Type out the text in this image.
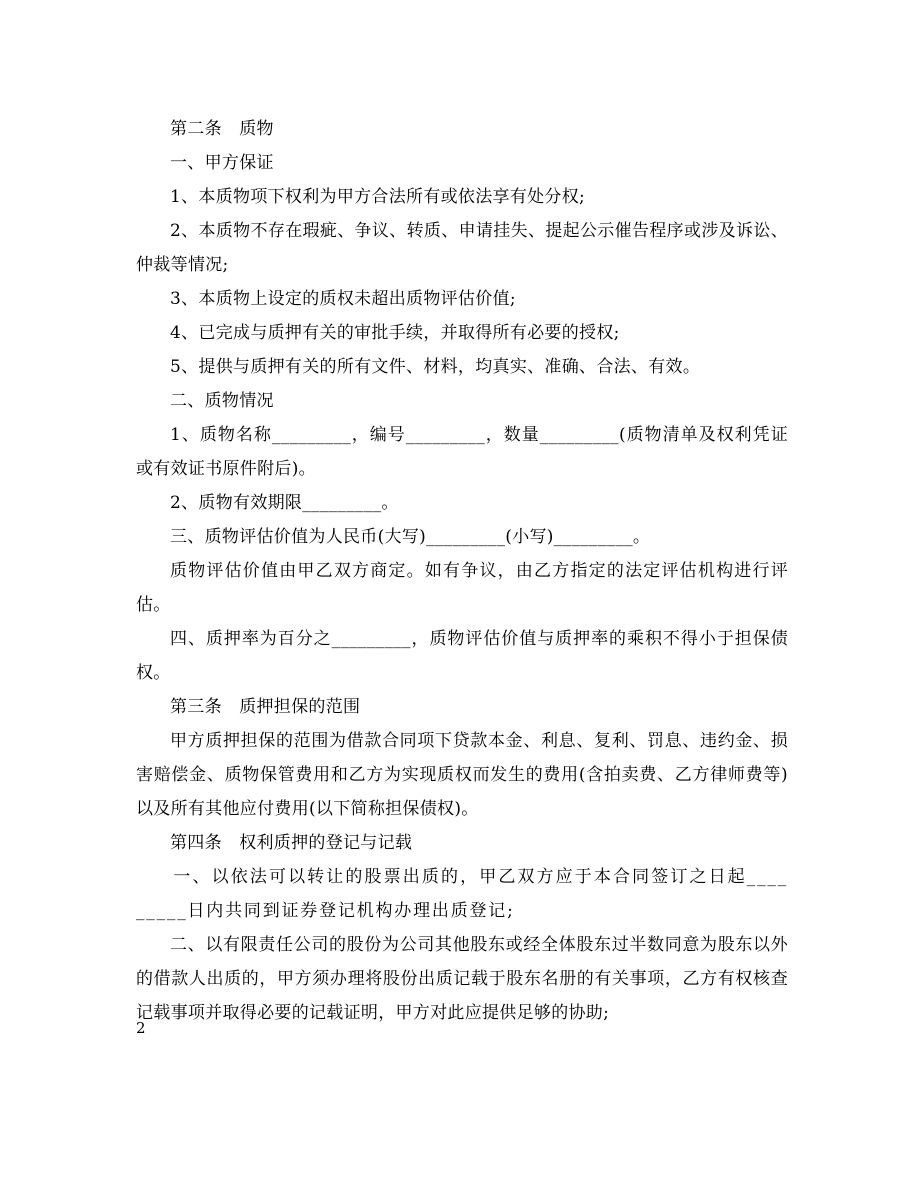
第二条　质物

一、甲方保证

1、本质物项下权利为甲方合法所有或依法享有处分权;

2、本质物不存在瑕疵、争议、转质、申请挂失、提起公示催告程序或涉及诉讼、仲裁等情况;

3、本质物上设定的质权未超出质物评估价值;

4、已完成与质押有关的审批手续，并取得所有必要的授权;

5、提供与质押有关的所有文件、材料，均真实、准确、合法、有效。

二、质物情况

1、质物名称_________，编号_________，数量_________(质物清单及权利凭证或有效证书原件附后)。

2、质物有效期限_________。

三、质物评估价值为人民币(大写)_________(小写)_________。

质物评估价值由甲乙双方商定。如有争议，由乙方指定的法定评估机构进行评估。

四、质押率为百分之_________，质物评估价值与质押率的乘积不得小于担保债权。

第三条　质押担保的范围

甲方质押担保的范围为借款合同项下贷款本金、利息、复利、罚息、违约金、损害赔偿金、质物保管费用和乙方为实现质权而发生的费用(含拍卖费、乙方律师费等)以及所有其他应付费用(以下简称担保债权)。

第四条　权利质押的登记与记载

一、以依法可以转让的股票出质的，甲乙双方应于本合同签订之日起_________日内共同到证券登记机构办理出质登记;

二、以有限责任公司的股份为公司其他股东或经全体股东过半数同意为股东以外的借款人出质的，甲方须办理将股份出质记载于股东名册的有关事项，乙方有权核查记载事项并取得必要的记载证明，甲方对此应提供足够的协助;

2
